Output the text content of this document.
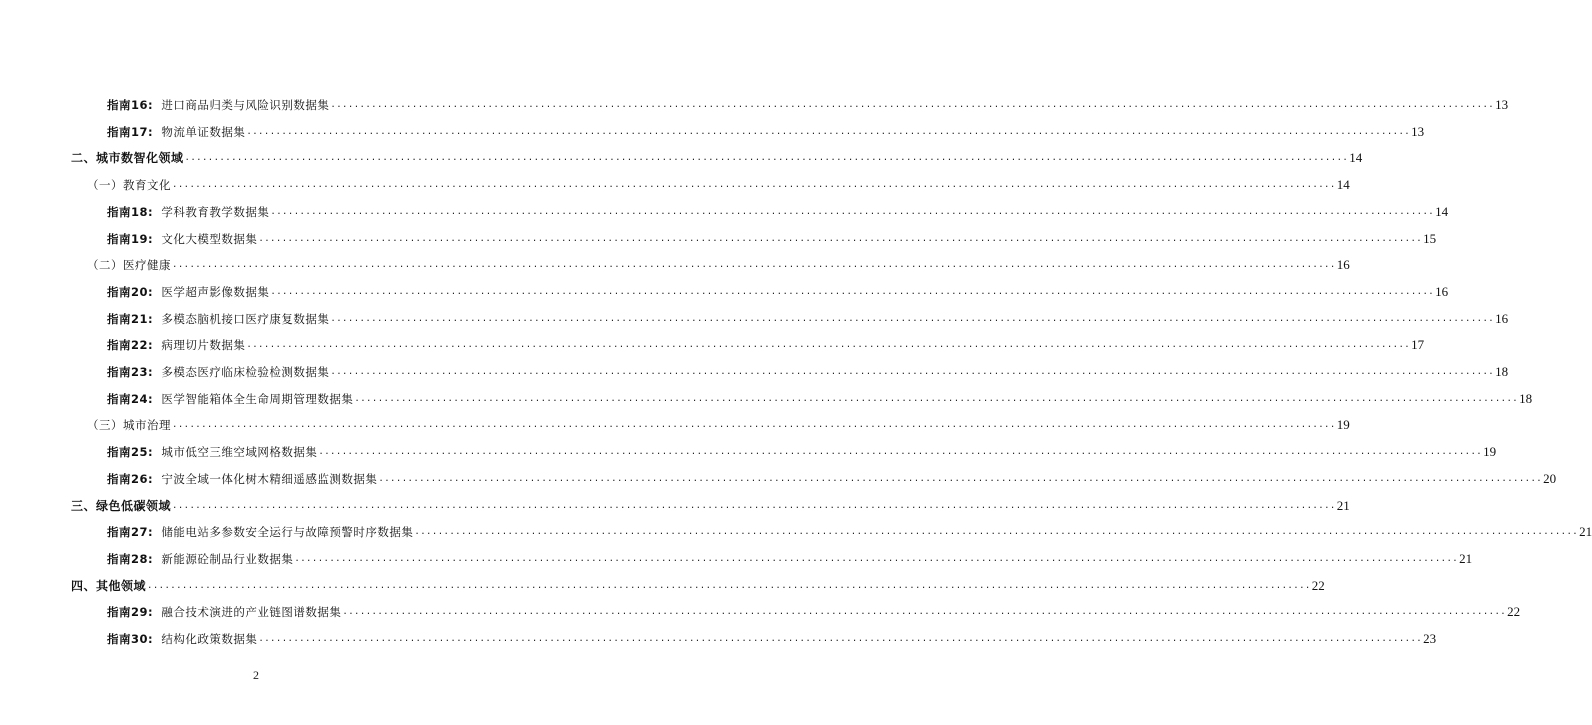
指南16: 进口商品归类与风险识别数据集 ........................................................................................................................................................................................................ 13
指南17: 物流单证数据集 ........................................................................................................................................................................................................ 13
二、城市数智化领域 ........................................................................................................................................................................................................ 14
（一）教育文化 ........................................................................................................................................................................................................ 14
指南18: 学科教育教学数据集 ........................................................................................................................................................................................................ 14
指南19: 文化大模型数据集 ........................................................................................................................................................................................................ 15
（二）医疗健康 ........................................................................................................................................................................................................ 16
指南20: 医学超声影像数据集 ........................................................................................................................................................................................................ 16
指南21: 多模态脑机接口医疗康复数据集 ........................................................................................................................................................................................................ 16
指南22: 病理切片数据集 ........................................................................................................................................................................................................ 17
指南23: 多模态医疗临床检验检测数据集 ........................................................................................................................................................................................................ 18
指南24: 医学智能箱体全生命周期管理数据集 ........................................................................................................................................................................................................ 18
（三）城市治理 ........................................................................................................................................................................................................ 19
指南25: 城市低空三维空域网格数据集 ........................................................................................................................................................................................................ 19
指南26: 宁波全域一体化树木精细遥感监测数据集 ........................................................................................................................................................................................................ 20
三、绿色低碳领域 ........................................................................................................................................................................................................ 21
指南27: 储能电站多参数安全运行与故障预警时序数据集 ........................................................................................................................................................................................................ 21
指南28: 新能源砼制品行业数据集 ........................................................................................................................................................................................................ 21
四、其他领域 ........................................................................................................................................................................................................ 22
指南29: 融合技术演进的产业链图谱数据集 ........................................................................................................................................................................................................ 22
指南30: 结构化政策数据集 ........................................................................................................................................................................................................ 23
2
